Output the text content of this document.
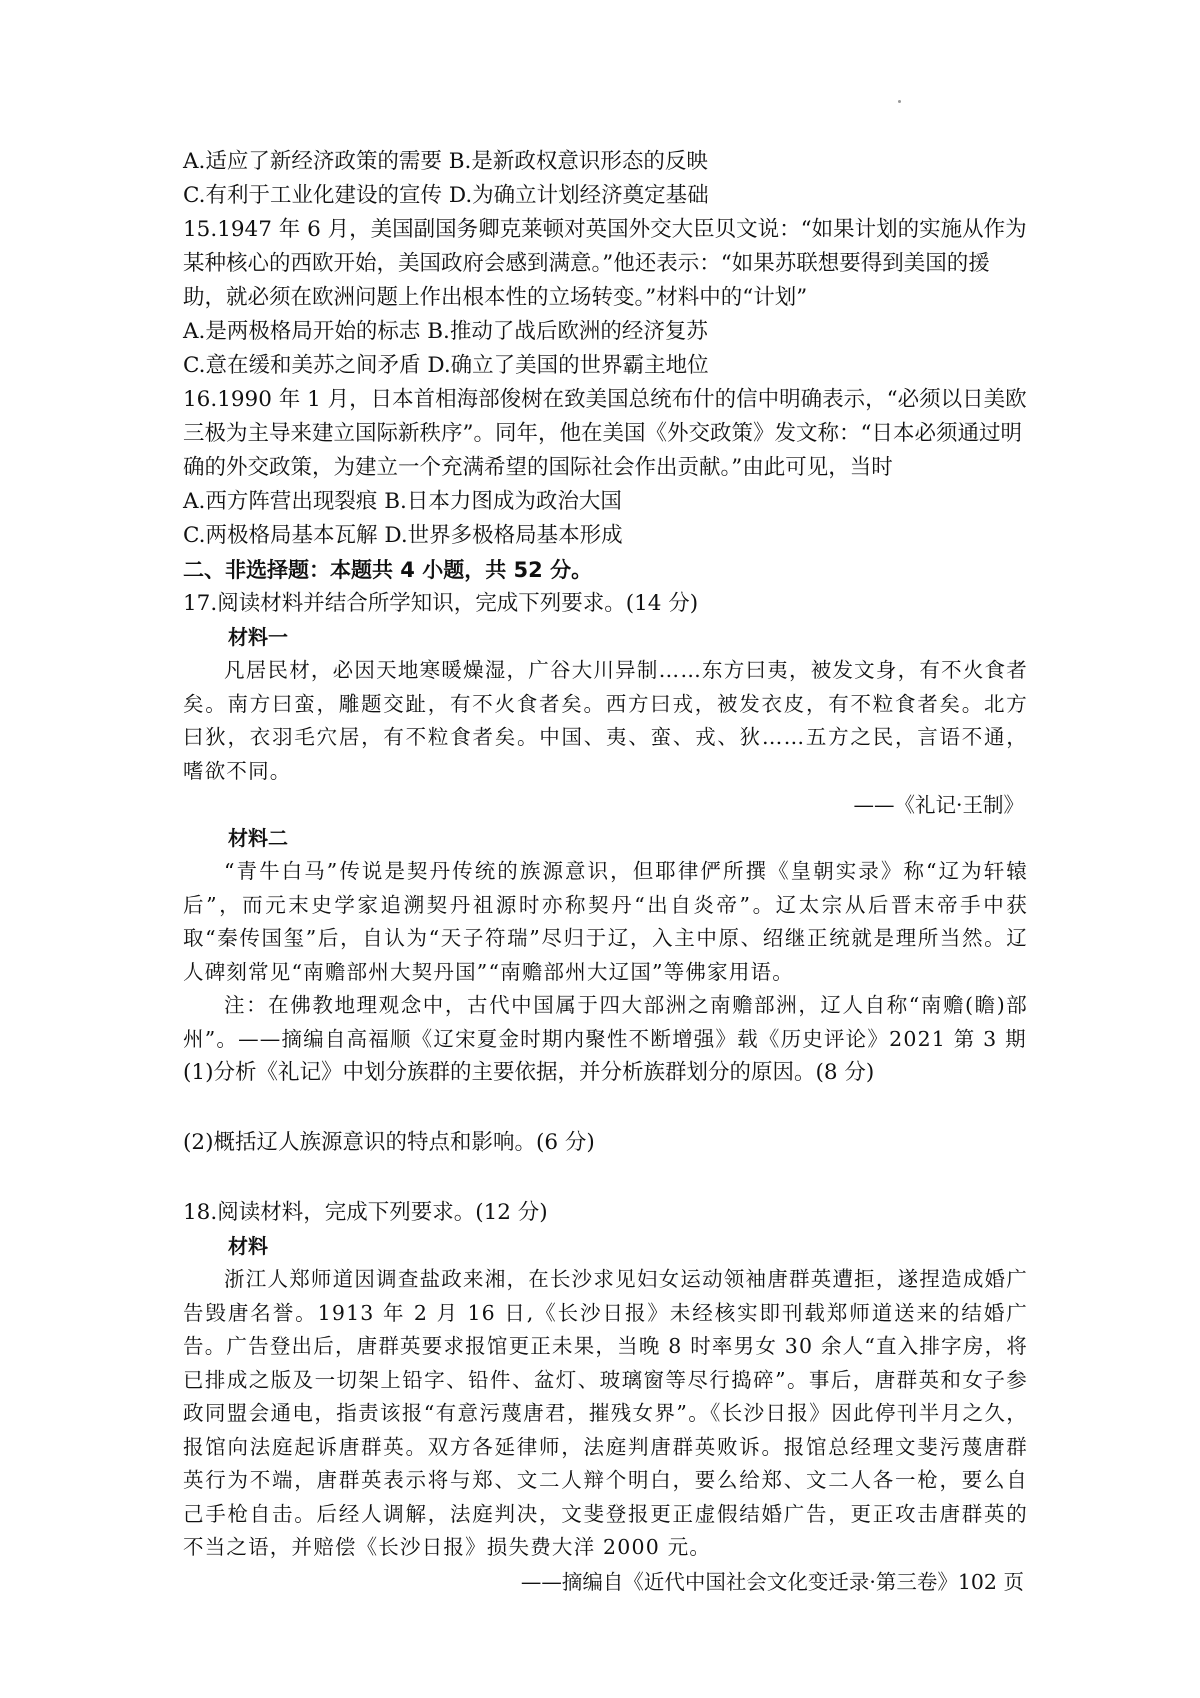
A.适应了新经济政策的需要 B.是新政权意识形态的反映

C.有利于工业化建设的宣传 D.为确立计划经济奠定基础

15.1947 年 6 月，美国副国务卿克莱顿对英国外交大臣贝文说：“如果计划的实施从作为某种核心的西欧开始，美国政府会感到满意。”他还表示：“如果苏联想要得到美国的援助，就必须在欧洲问题上作出根本性的立场转变。”材料中的“计划”

A.是两极格局开始的标志 B.推动了战后欧洲的经济复苏

C.意在缓和美苏之间矛盾 D.确立了美国的世界霸主地位

16.1990 年 1 月，日本首相海部俊树在致美国总统布什的信中明确表示，“必须以日美欧三极为主导来建立国际新秩序”。同年，他在美国《外交政策》发文称：“日本必须通过明确的外交政策，为建立一个充满希望的国际社会作出贡献。”由此可见，当时

A.西方阵营出现裂痕 B.日本力图成为政治大国

C.两极格局基本瓦解 D.世界多极格局基本形成

二、非选择题：本题共 4 小题，共 52 分。

17.阅读材料并结合所学知识，完成下列要求。(14 分)

材料一

凡居民材，必因天地寒暖燥湿，广谷大川异制……东方曰夷，被发文身，有不火食者矣。南方曰蛮，雕题交趾，有不火食者矣。西方曰戎，被发衣皮，有不粒食者矣。北方曰狄，衣羽毛穴居，有不粒食者矣。中国、夷、蛮、戎、狄……五方之民，言语不通，嗜欲不同。

——《礼记·王制》

材料二

“青牛白马”传说是契丹传统的族源意识，但耶律俨所撰《皇朝实录》称“辽为轩辕后”，而元末史学家追溯契丹祖源时亦称契丹“出自炎帝”。辽太宗从后晋末帝手中获取“秦传国玺”后，自认为“天子符瑞”尽归于辽，入主中原、绍继正统就是理所当然。辽人碑刻常见“南赡部州大契丹国”“南赡部州大辽国”等佛家用语。

注：在佛教地理观念中，古代中国属于四大部洲之南赡部洲，辽人自称“南赡(瞻)部州”。——摘编自高福顺《辽宋夏金时期内聚性不断增强》载《历史评论》2021 第 3 期

(1)分析《礼记》中划分族群的主要依据，并分析族群划分的原因。(8 分)

(2)概括辽人族源意识的特点和影响。(6 分)

18.阅读材料，完成下列要求。(12 分)

材料

浙江人郑师道因调查盐政来湘，在长沙求见妇女运动领袖唐群英遭拒，遂捏造成婚广告毁唐名誉。1913 年 2 月 16 日,《长沙日报》未经核实即刊载郑师道送来的结婚广告。广告登出后，唐群英要求报馆更正未果，当晚 8 时率男女 30 余人“直入排字房，将已排成之版及一切架上铅字、铅件、盆灯、玻璃窗等尽行捣碎”。事后，唐群英和女子参政同盟会通电，指责该报“有意污蔑唐君，摧残女界”。《长沙日报》因此停刊半月之久，报馆向法庭起诉唐群英。双方各延律师，法庭判唐群英败诉。报馆总经理文斐污蔑唐群英行为不端，唐群英表示将与郑、文二人辩个明白，要么给郑、文二人各一枪，要么自己手枪自击。后经人调解，法庭判决，文斐登报更正虚假结婚广告，更正攻击唐群英的不当之语，并赔偿《长沙日报》损失费大洋 2000 元。

——摘编自《近代中国社会文化变迁录·第三卷》102 页
